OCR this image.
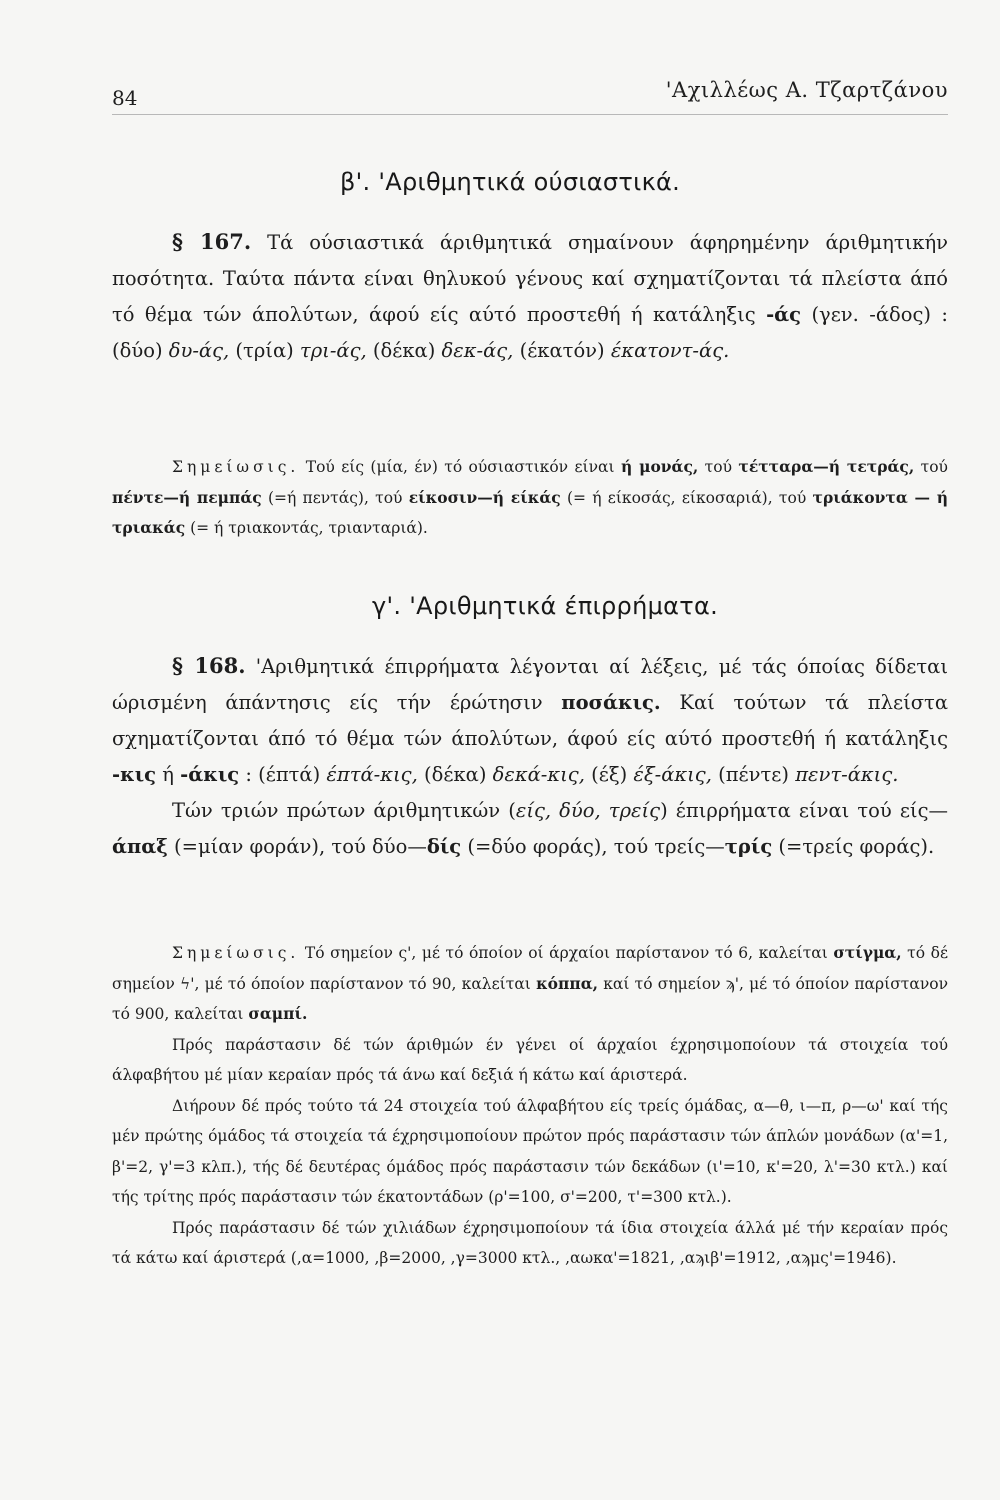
84	'Αχιλλέως Α. Τζαρτζάνου
β'. 'Αριθμητικά ούσιαστικά.

§ 167. Τά ούσιαστικά άριθμητικά σημαίνουν άφηρημένην άριθμητικήν ποσότητα. Ταύτα πάντα είναι θηλυκού γένους καί σχηματίζονται τά πλείστα άπό τό θέμα τών άπολύτων, άφού είς αύτό προστεθή ή κατάληξις -άς (γεν. -άδος) : (δύο) δυ-άς, (τρία) τρι-άς, (δέκα) δεκ-άς, (έκατόν) έκατοντ-άς.

Σημείωσις. Τού είς (μία, έν) τό ούσιαστικόν είναι ή μονάς, τού τέτταρα—ή τετράς, τού πέντε—ή πεμπάς (=ή πεντάς), τού είκοσιν—ή είκάς (= ή είκοσάς, είκοσαριά), τού τριάκοντα — ή τριακάς (= ή τριακοντάς, τριανταριά).

γ'. 'Αριθμητικά έπιρρήματα.

§ 168. 'Αριθμητικά έπιρρήματα λέγονται αί λέξεις, μέ τάς όποίας δίδεται ώρισμένη άπάντησις είς τήν έρώτησιν ποσάκις. Καί τούτων τά πλείστα σχηματίζονται άπό τό θέμα τών άπολύτων, άφού είς αύτό προστεθή ή κατάληξις -κις ή -άκις : (έπτά) έπτά-κις, (δέκα) δεκά-κις, (έξ) έξ-άκις, (πέντε) πεντ-άκις.

Τών τριών πρώτων άριθμητικών (είς, δύο, τρείς) έπιρρήματα είναι τού είς—άπαξ (=μίαν φοράν), τού δύο—δίς (=δύο φοράς), τού τρείς—τρίς (=τρείς φοράς).

Σημείωσις. Τό σημείον ς', μέ τό όποίον οί άρχαίοι παρίστανον τό 6, καλείται στίγμα, τό δέ σημείον ϟ', μέ τό όποίον παρίστανον τό 90, καλείται κόππα, καί τό σημείον ϡ', μέ τό όποίον παρίστανον τό 900, καλείται σαμπί.

Πρός παράστασιν δέ τών άριθμών έν γένει οί άρχαίοι έχρησιμοποίουν τά στοιχεία τού άλφαβήτου μέ μίαν κεραίαν πρός τά άνω καί δεξιά ή κάτω καί άριστερά.

Διήρουν δέ πρός τούτο τά 24 στοιχεία τού άλφαβήτου είς τρείς όμάδας, α—θ, ι—π, ρ—ω' καί τής μέν πρώτης όμάδος τά στοιχεία τά έχρησιμοποίουν πρώτον πρός παράστασιν τών άπλών μονάδων (α'=1, β'=2, γ'=3 κλπ.), τής δέ δευτέρας όμάδος πρός παράστασιν τών δεκάδων (ι'=10, κ'=20, λ'=30 κτλ.) καί τής τρίτης πρός παράστασιν τών έκατοντάδων (ρ'=100, σ'=200, τ'=300 κτλ.).

Πρός παράστασιν δέ τών χιλιάδων έχρησιμοποίουν τά ίδια στοιχεία άλλά μέ τήν κεραίαν πρός τά κάτω καί άριστερά (,α=1000, ,β=2000, ,γ=3000 κτλ., ,αωκα'=1821, ,αϡιβ'=1912, ,αϡμς'=1946).
